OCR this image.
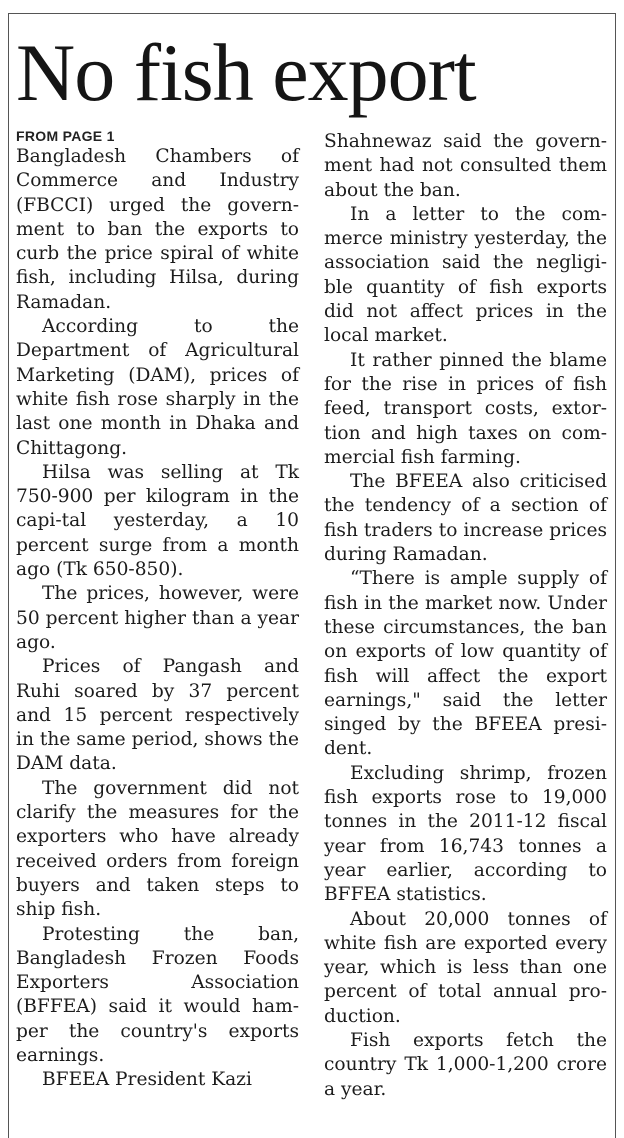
No fish export
FROM PAGE 1

Bangladesh Chambers of Commerce and Industry (FBCCI) urged the govern-ment to ban the exports to curb the price spiral of white fish, including Hilsa, during Ramadan.

According to the Department of Agricultural Marketing (DAM), prices of white fish rose sharply in the last one month in Dhaka and Chittagong.

Hilsa was selling at Tk 750-900 per kilogram in the capi-tal yesterday, a 10 percent surge from a month ago (Tk 650-850).

The prices, however, were 50 percent higher than a year ago.

Prices of Pangash and Ruhi soared by 37 percent and 15 percent respectively in the same period, shows the DAM data.

The government did not clarify the measures for the exporters who have already received orders from foreign buyers and taken steps to ship fish.

Protesting the ban, Bangladesh Frozen Foods Exporters Association (BFFEA) said it would ham-per the country's exports earnings.

BFEEA President Kazi

Shahnewaz said the govern-ment had not consulted them about the ban.

In a letter to the com-merce ministry yesterday, the association said the negligi-ble quantity of fish exports did not affect prices in the local market.

It rather pinned the blame for the rise in prices of fish feed, transport costs, extor-tion and high taxes on com-mercial fish farming.

The BFEEA also criticised the tendency of a section of fish traders to increase prices during Ramadan.

“There is ample supply of fish in the market now. Under these circumstances, the ban on exports of low quantity of fish will affect the export earnings," said the letter singed by the BFEEA presi-dent.

Excluding shrimp, frozen fish exports rose to 19,000 tonnes in the 2011-12 fiscal year from 16,743 tonnes a year earlier, according to BFFEA statistics.

About 20,000 tonnes of white fish are exported every year, which is less than one percent of total annual pro-duction.

Fish exports fetch the country Tk 1,000-1,200 crore a year.
